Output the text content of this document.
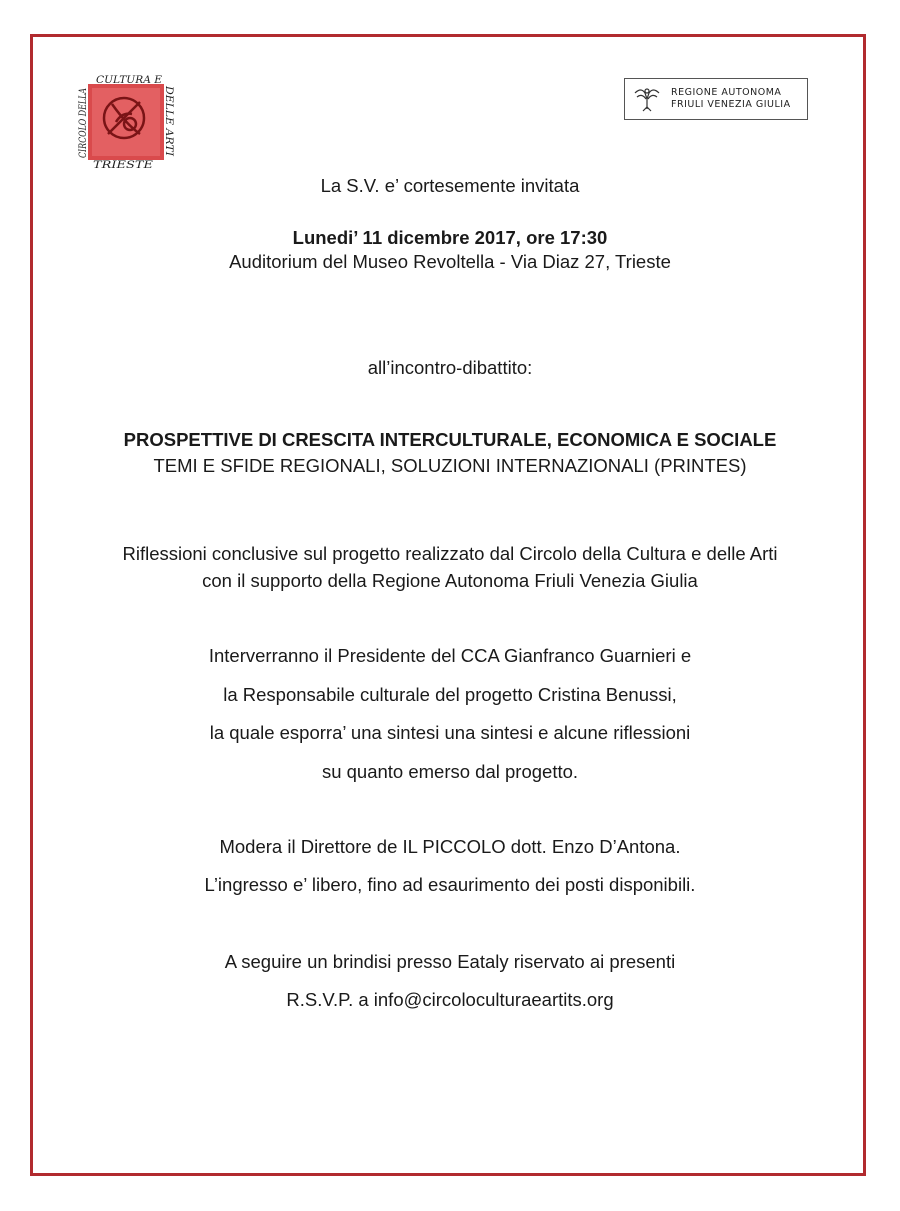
CULTURA E
TRIESTE
CIRCOLO DELLA	DELLE ARTI	REGIONE AUTONOMA
FRIULI VENEZIA GIULIA
La S.V. e’ cortesemente invitata
Lunedi’ 11 dicembre 2017, ore 17:30
Auditorium del Museo Revoltella - Via Diaz 27, Trieste
all’incontro-dibattito:
PROSPETTIVE DI CRESCITA INTERCULTURALE, ECONOMICA E SOCIALE
TEMI E SFIDE REGIONALI, SOLUZIONI INTERNAZIONALI (PRINTES)
Riflessioni conclusive sul progetto realizzato dal Circolo della Cultura e delle Arti
con il supporto della Regione Autonoma Friuli Venezia Giulia
Interverranno il Presidente del CCA Gianfranco Guarnieri e
la Responsabile culturale del progetto Cristina Benussi,
la quale esporra’ una sintesi una sintesi e alcune riflessioni
su quanto emerso dal progetto.
Modera il Direttore de IL PICCOLO dott. Enzo D’Antona.
L’ingresso e’ libero, fino ad esaurimento dei posti disponibili.
A seguire un brindisi presso Eataly riservato ai presenti
R.S.V.P. a info@circoloculturaeartits.org
